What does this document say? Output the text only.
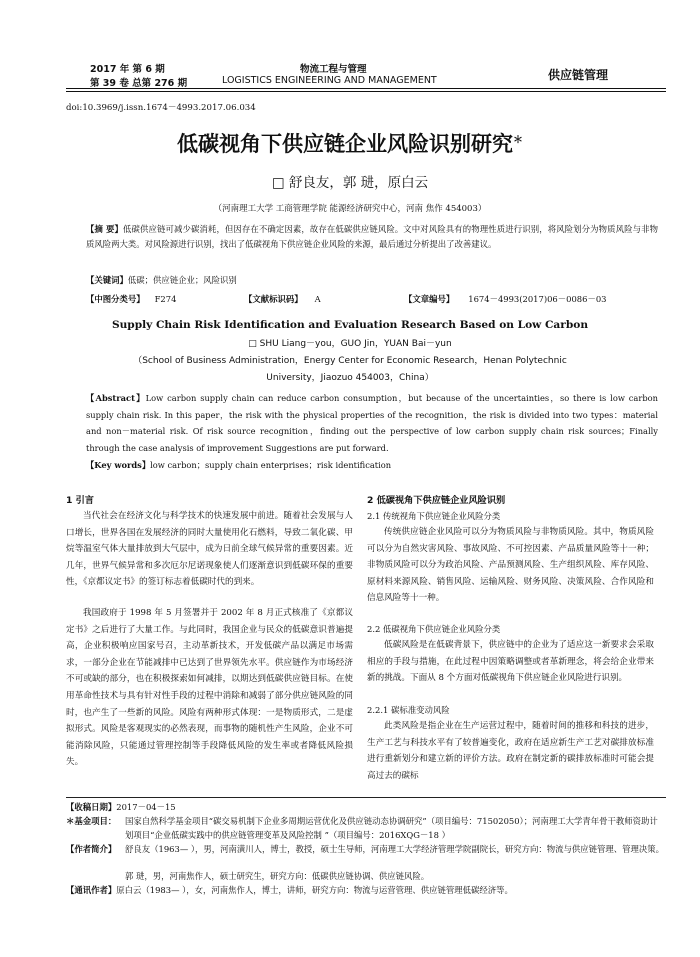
2017 年 第 6 期
第 39 卷 总第 276 期
物流工程与管理
LOGISTICS ENGINEERING AND MANAGEMENT	供应链管理
doi:10.3969/j.issn.1674－4993.2017.06.034
低碳视角下供应链企业风险识别研究＊
□ 舒良友，郭 琎，原白云
（河南理工大学 工商管理学院 能源经济研究中心，河南 焦作 454003）
【摘 要】低碳供应链可减少碳消耗，但因存在不确定因素，故存在低碳供应链风险。文中对风险具有的物理性质进行识别，将风险划分为物质风险与非物质风险两大类。对风险源进行识别，找出了低碳视角下供应链企业风险的来源，最后通过分析提出了改善建议。
【关键词】低碳；供应链企业；风险识别
【中图分类号】 F274	【文献标识码】 A	【文章编号】 1674－4993(2017)06－0086－03
Supply Chain Risk Identification and Evaluation Research Based on Low Carbon
□ SHU Liang－you，GUO Jin，YUAN Bai－yun
（School of Business Administration，Energy Center for Economic Research，Henan Polytechnic
University，Jiaozuo 454003，China）
【Abstract】Low carbon supply chain can reduce carbon consumption，but because of the uncertainties，so there is low carbon supply chain risk. In this paper，the risk with the physical properties of the recognition，the risk is divided into two types：material and non－material risk. Of risk source recognition，finding out the perspective of low carbon supply chain risk sources；Finally through the case analysis of improvement Suggestions are put forward.
【Key words】low carbon；supply chain enterprises；risk identification
1 引言
当代社会在经济文化与科学技术的快速发展中前进。随着社会发展与人口增长，世界各国在发展经济的同时大量使用化石燃料，导致二氧化碳、甲烷等温室气体大量排放到大气层中，成为日前全球气候异常的重要因素。近几年，世界气候异常和多次厄尔尼诺现象使人们逐渐意识到低碳环保的重要性，《京都议定书》的签订标志着低碳时代的到来。
我国政府于 1998 年 5 月签署并于 2002 年 8 月正式核准了《京都议定书》之后进行了大量工作。与此同时，我国企业与民众的低碳意识普遍提高，企业积极响应国家号召，主动革新技术，开发低碳产品以满足市场需求，一部分企业在节能减排中已达到了世界领先水平。供应链作为市场经济不可或缺的部分，也在积极探索如何减排，以期达到低碳供应链目标。在使用革命性技术与具有针对性手段的过程中消除和减弱了部分供应链风险的同时，也产生了一些新的风险。风险有两种形式体现：一是物质形式，二是虚拟形式。风险是客观现实的必然表现，而事物的随机性产生风险，企业不可能消除风险，只能通过管理控制等手段降低风险的发生率或者降低风险损失。
2 低碳视角下供应链企业风险识别
2.1 传统视角下供应链企业风险分类
传统供应链企业风险可以分为物质风险与非物质风险。其中，物质风险可以分为自然灾害风险、事故风险、不可控因素、产品质量风险等十一种；非物质风险可以分为政治风险、产品预测风险、生产组织风险、库存风险、原材料来源风险、销售风险、运输风险、财务风险、决策风险、合作风险和信息风险等十一种。
2.2 低碳视角下供应链企业风险分类
低碳风险是在低碳背景下，供应链中的企业为了适应这一新要求会采取相应的手段与措施，在此过程中因策略调整或者革新理念，将会给企业带来新的挑战。下面从 8 个方面对低碳视角下供应链企业风险进行识别。
2.2.1 碳标准变动风险
此类风险是指企业在生产运营过程中，随着时间的推移和科技的进步，生产工艺与科技水平有了较普遍变化，政府在适应新生产工艺对碳排放标准进行重新划分和建立新的评价方法。政府在制定新的碳排放标准时可能会提高过去的碳标
【收稿日期】2017－04－15
＊基金项目： 国家自然科学基金项目“碳交易机制下企业多周期运营优化及供应链动态协调研究”（项目编号：71502050）；河南理工大学青年骨干教师资助计划项目“企业低碳实践中的供应链管理变革及风险控制 ”（项目编号：2016XQG－18 ）
【作者简介】 舒良友（1963— ），男，河南潢川人，博士，教授，硕士生导师，河南理工大学经济管理学院副院长，研究方向：物流与供应链管理、管理决策。
郭 琎，男，河南焦作人，硕士研究生，研究方向：低碳供应链协调、供应链风险。
【通讯作者】原白云（1983— ），女，河南焦作人，博士，讲师，研究方向：物流与运营管理、供应链管理低碳经济等。
